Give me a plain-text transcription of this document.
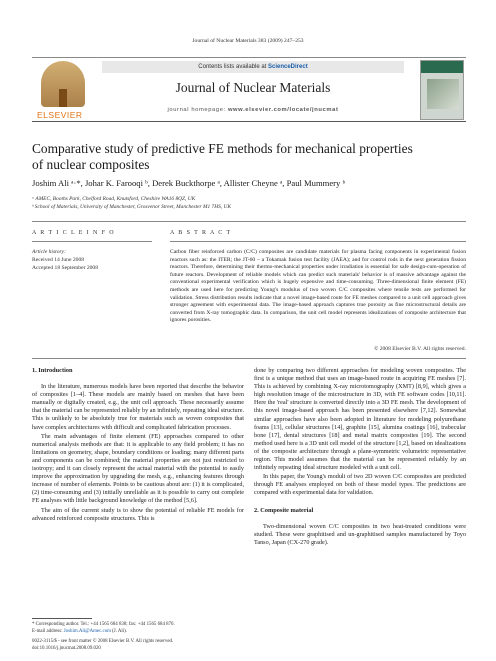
Journal of Nuclear Materials 383 (2009) 247–253
ELSEVIER
Contents lists available at ScienceDirect
Journal of Nuclear Materials
journal homepage: www.elsevier.com/locate/jnucmat
Comparative study of predictive FE methods for mechanical properties
of nuclear composites
Joshim Ali ᵃ·*, Johar K. Farooqi ᵇ, Derek Buckthorpe ᵃ, Allister Cheyne ᵃ, Paul Mummery ᵇ
ᵃ AMEC, Booths Park, Chelford Road, Knutsford, Cheshire WA16 8QZ, UK
ᵇ School of Materials, University of Manchester, Grosvenor Street, Manchester M1 7HS, UK
A R T I C L E I N F O	A B S T R A C T
Article history:
Received 14 June 2008
Accepted 18 September 2008
Carbon fiber reinforced carbon (C/C) composites are candidate materials for plasma facing components in experimental fusion reactors such as: the ITER; the JT-60 – a Tokamak fusion test facility (JAEA); and for control rods in the next generation fission reactors. Therefore, determining their thermo-mechanical properties under irradiation is essential for safe design-cum-operation of future reactors. Development of reliable models which can predict such materials' behavior is of massive advantage against the conventional experimental verification which is hugely expensive and time-consuming. Three-dimensional finite element (FE) methods are used here for predicting Young's modulus of two woven C/C composites where tensile tests are performed for validation. Stress distribution results indicate that a novel image-based route for FE meshes compared to a unit cell approach gives stronger agreement with experimental data. The image-based approach captures true porosity as fine microstructural details are converted from X-ray tomographic data. In comparison, the unit cell model represents idealizations of composite architecture that ignores porosities.
© 2008 Elsevier B.V. All rights reserved.
1. Introduction

In the literature, numerous models have been reported that describe the behavior of composites [1–4]. These models are mainly based on meshes that have been manually or digitally created, e.g., the unit cell approach. These necessarily assume that the material can be represented reliably by an infinitely, repeating ideal structure. This is unlikely to be absolutely true for materials such as woven composites that have complex architectures with difficult and complicated fabrication processes.

The main advantages of finite element (FE) approaches compared to other numerical analysis methods are that: it is applicable to any field problem; it has no limitations on geometry, shape, boundary conditions or loading; many different parts and components can be combined; the material properties are not just restricted to isotropy; and it can closely represent the actual material with the potential to easily improve the approximation by upgrading the mesh, e.g., enhancing features through increase of number of elements. Points to be cautious about are: (1) it is complicated, (2) time-consuming and (3) initially unreliable as it is possible to carry out complete FE analyses with little background knowledge of the method [5,6].

The aim of the current study is to show the potential of reliable FE models for advanced reinforced composite structures. This is

done by comparing two different approaches for modeling woven composites. The first is a unique method that uses an image-based route in acquiring FE meshes [7]. This is achieved by combining X-ray microtomography (XMT) [8,9], which gives a high resolution image of the microstructure in 3D, with FE software codes [10,11]. Here the 'real' structure is converted directly into a 3D FE mesh. The development of this novel image-based approach has been presented elsewhere [7,12]. Somewhat similar approaches have also been adopted in literature for modeling polyurethane foams [13], cellular structures [14], graphite [15], alumina coatings [16], trabecular bone [17], dental structures [18] and metal matrix composites [19]. The second method used here is a 3D unit cell model of the structure [1,2], based on idealizations of the composite architecture through a plane-symmetric volumetric representative region. This model assumes that the material can be represented reliably by an infinitely repeating ideal structure modeled with a unit cell.

In this paper, the Young's moduli of two 2D woven C/C composites are predicted through FE analyses employed on both of these model types. The predictions are compared with experimental data for validation.

2. Composite material

Two-dimensional woven C/C composites in two heat-treated conditions were studied. These were graphitised and un-graphitised samples manufactured by Toyo Tanso, Japan (CX-270 grade).

* Corresponding author. Tel.: +44 1565 684 838; fax: +44 1565 684 870.
E-mail address: Joshim.Ali@Amec.com (J. Ali).
0022-3115/$ - see front matter © 2008 Elsevier B.V. All rights reserved.
doi:10.1016/j.jnucmat.2008.09.020
